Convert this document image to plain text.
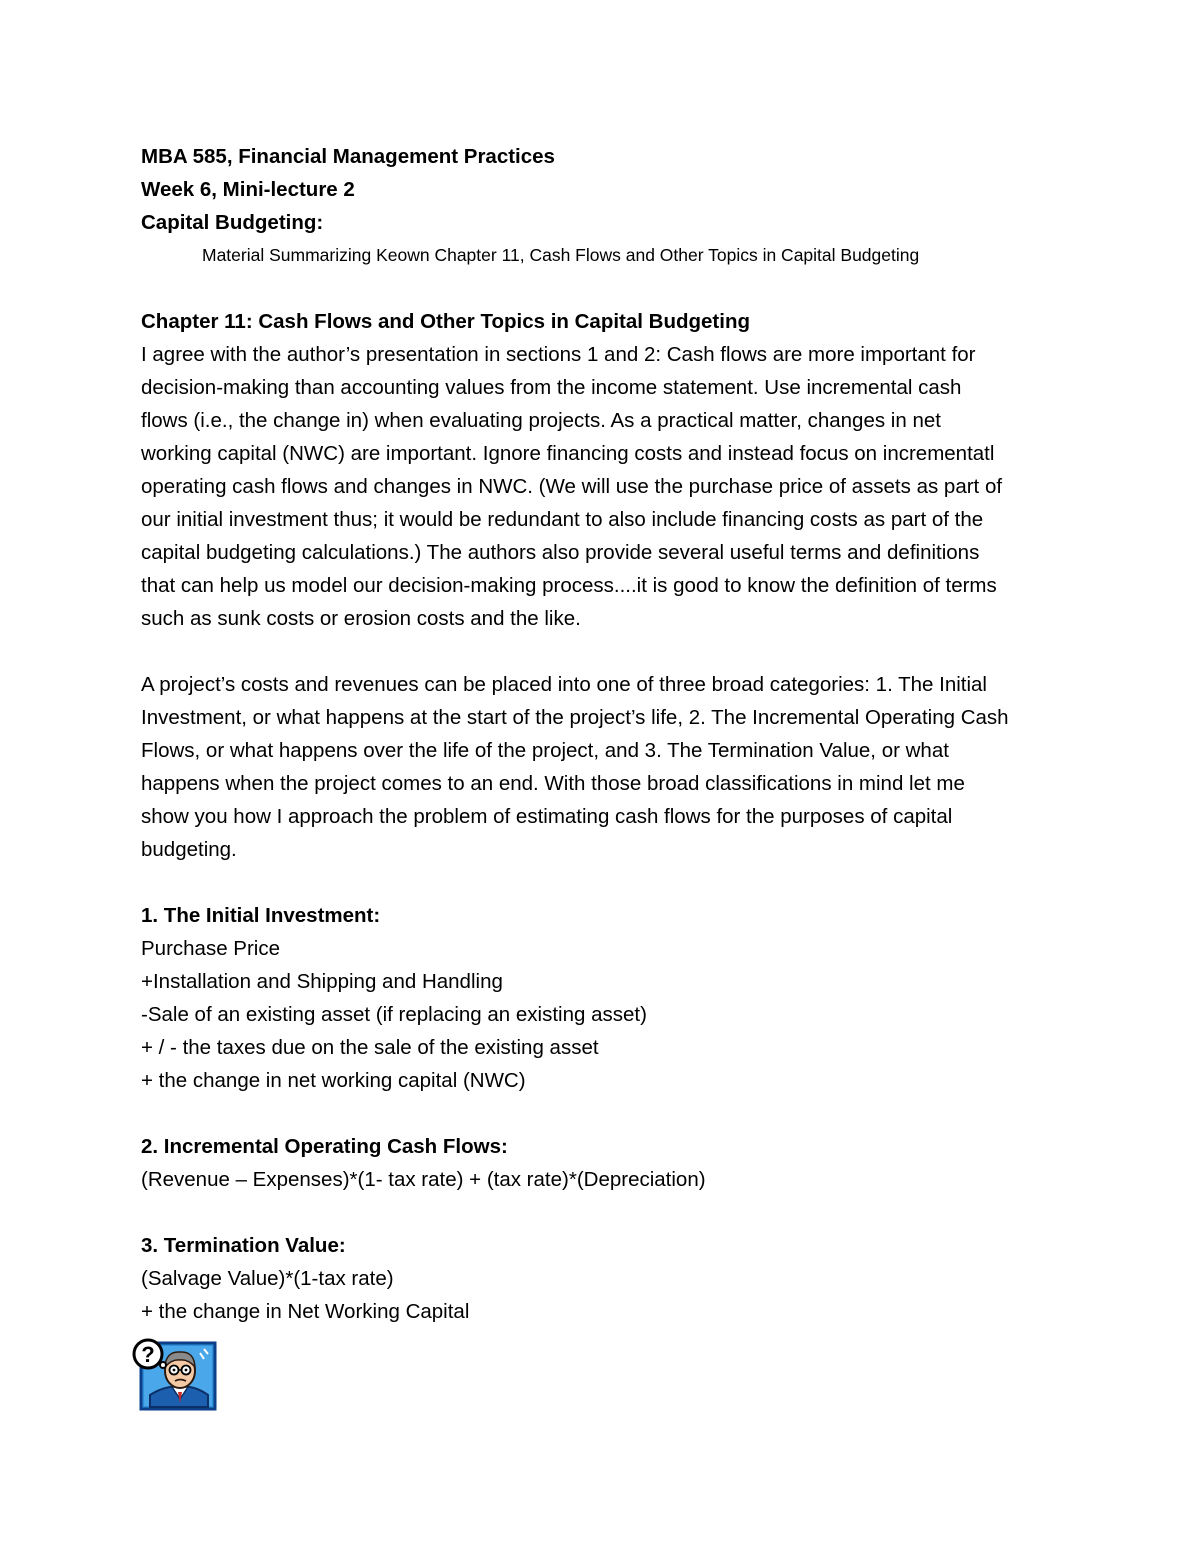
MBA 585, Financial Management Practices
Week 6, Mini-lecture 2
Capital Budgeting:
Material Summarizing Keown Chapter 11, Cash Flows and Other Topics in Capital Budgeting
Chapter 11: Cash Flows and Other Topics in Capital Budgeting
I agree with the author’s presentation in sections 1 and 2: Cash flows are more important for
decision-making than accounting values from the income statement. Use incremental cash
flows (i.e., the change in) when evaluating projects. As a practical matter, changes in net
working capital (NWC) are important. Ignore financing costs and instead focus on incrementatl
operating cash flows and changes in NWC. (We will use the purchase price of assets as part of
our initial investment thus; it would be redundant to also include financing costs as part of the
capital budgeting calculations.) The authors also provide several useful terms and definitions
that can help us model our decision-making process....it is good to know the definition of terms
such as sunk costs or erosion costs and the like.
A project’s costs and revenues can be placed into one of three broad categories: 1. The Initial
Investment, or what happens at the start of the project’s life, 2. The Incremental Operating Cash
Flows, or what happens over the life of the project, and 3. The Termination Value, or what
happens when the project comes to an end. With those broad classifications in mind let me
show you how I approach the problem of estimating cash flows for the purposes of capital
budgeting.
1. The Initial Investment:
Purchase Price
+Installation and Shipping and Handling
-Sale of an existing asset (if replacing an existing asset)
+ / - the taxes due on the sale of the existing asset
+ the change in net working capital (NWC)
2. Incremental Operating Cash Flows:
(Revenue – Expenses)*(1- tax rate) + (tax rate)*(Depreciation)
3. Termination Value:
(Salvage Value)*(1-tax rate)
+ the change in Net Working Capital
?
